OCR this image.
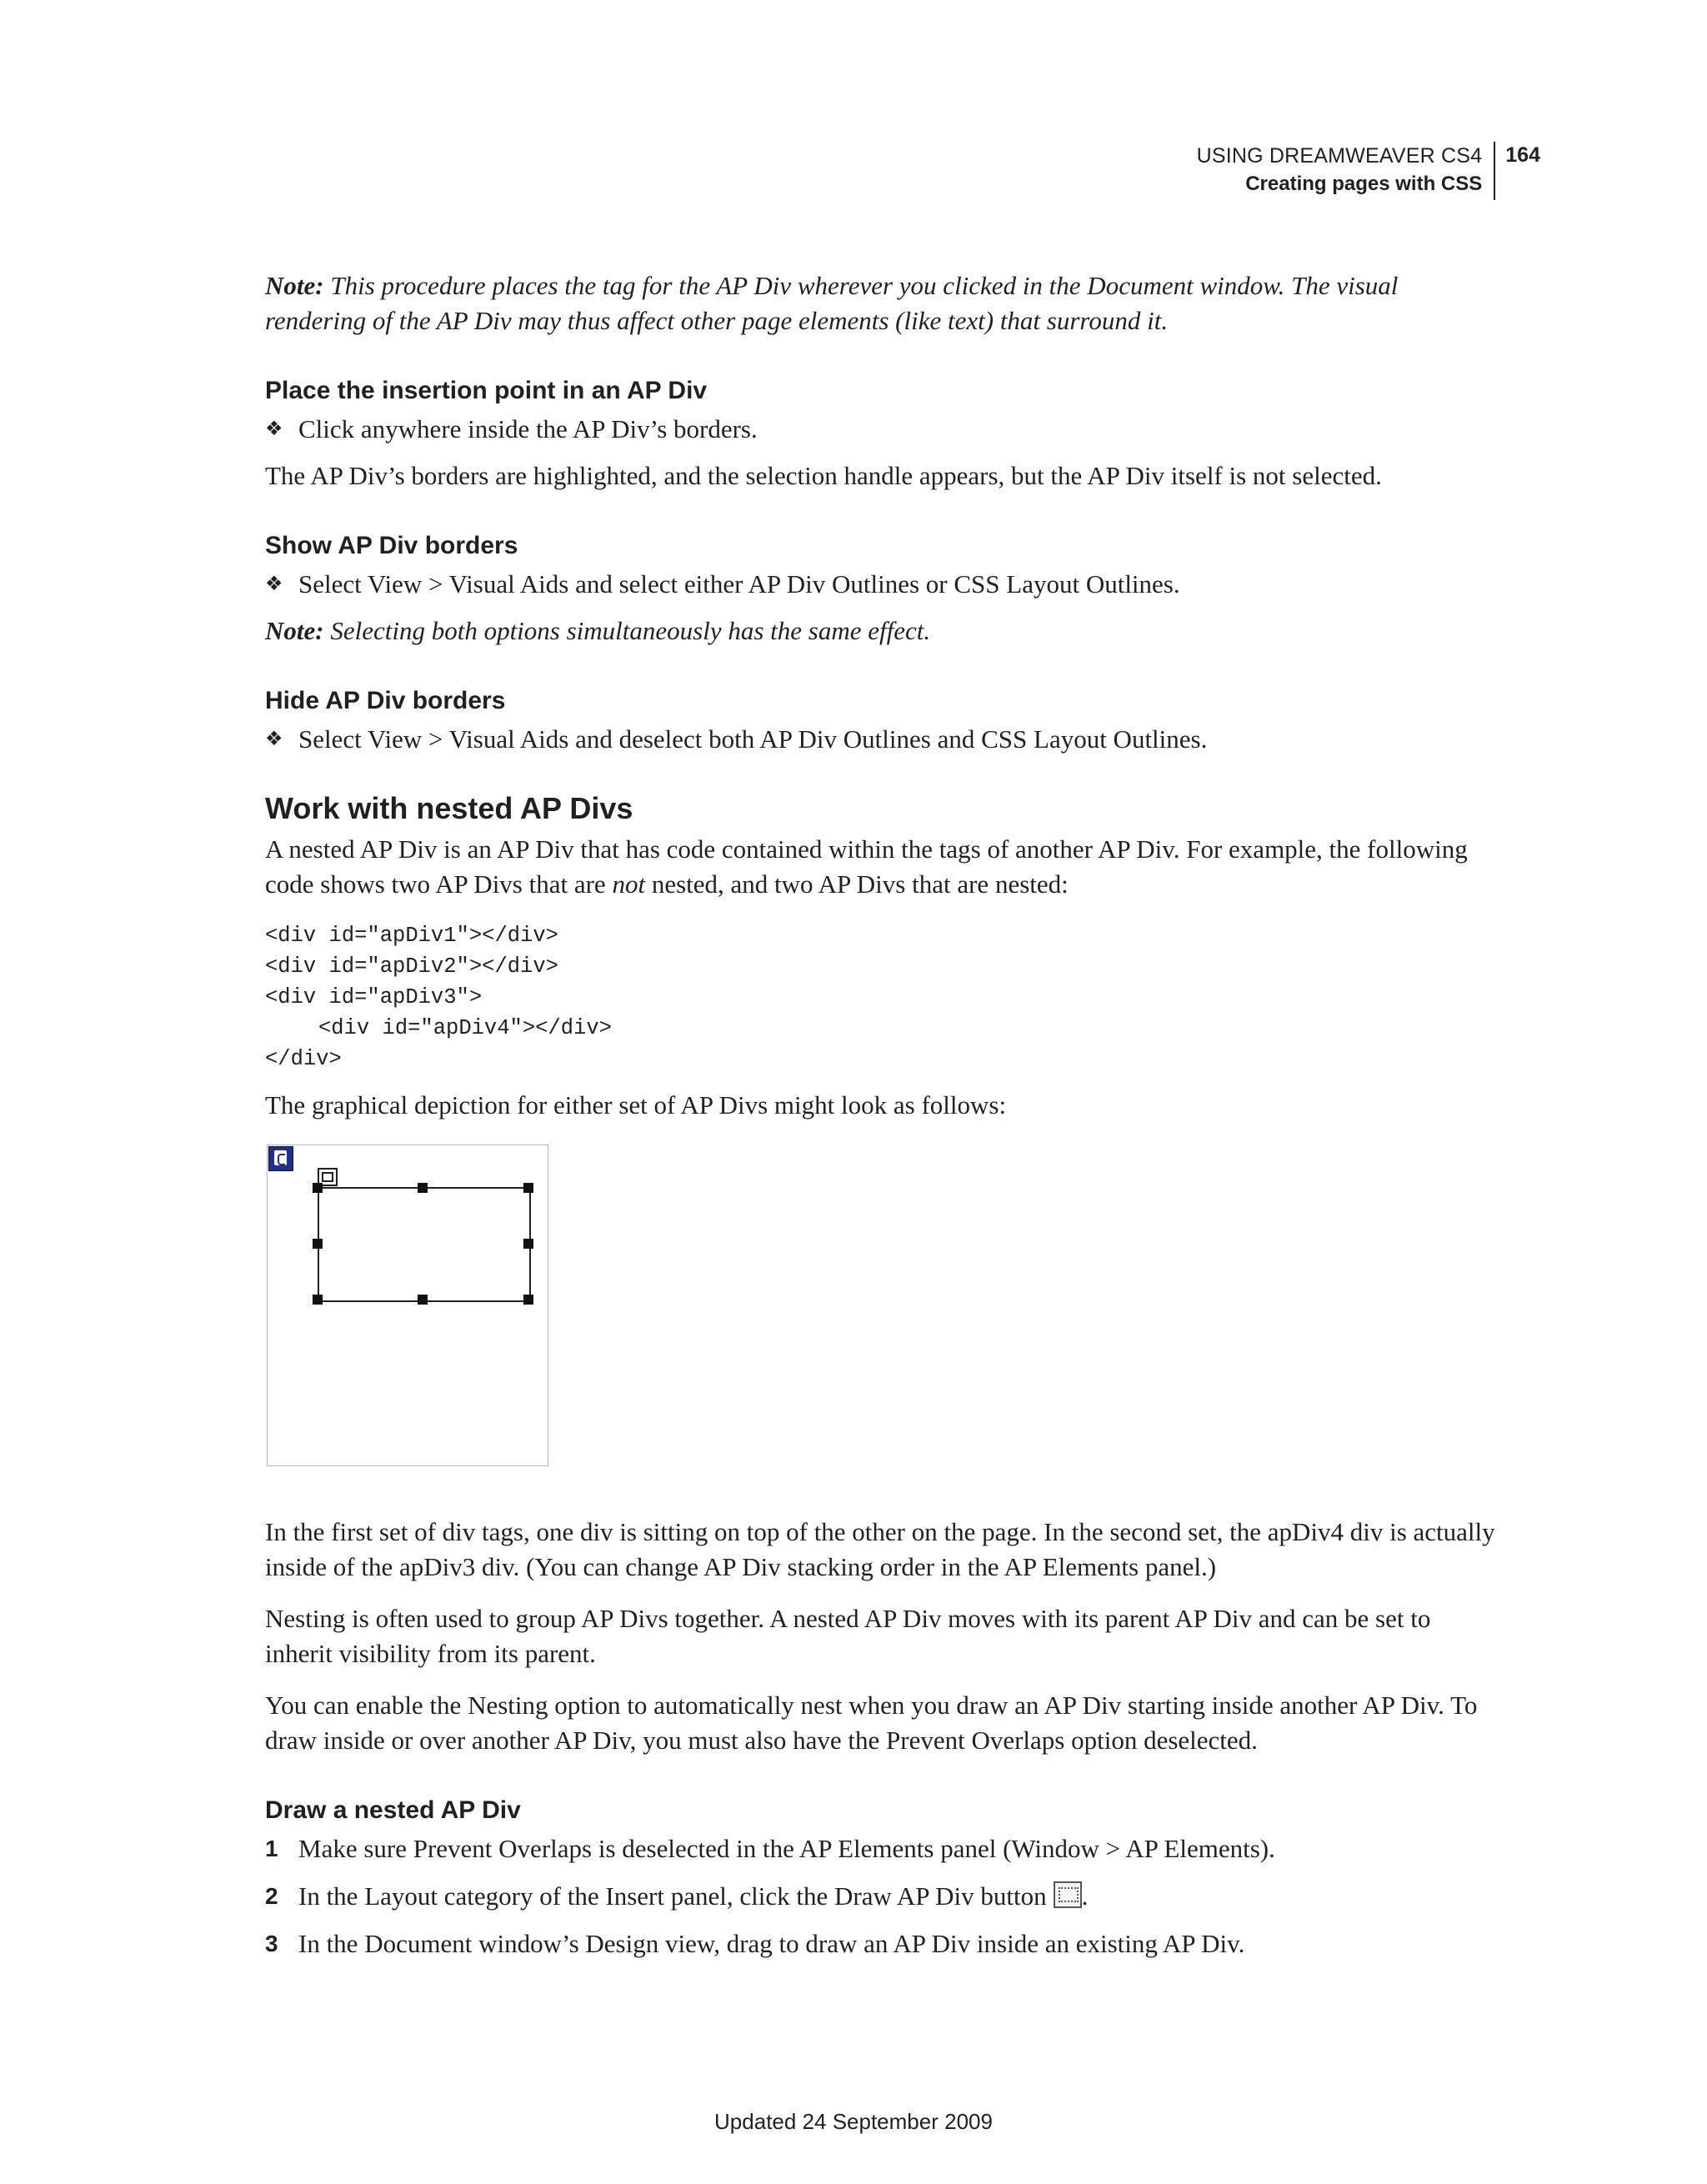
USING DREAMWEAVER CS4
Creating pages with CSS
164

Note: This procedure places the tag for the AP Div wherever you clicked in the Document window. The visual rendering of the AP Div may thus affect other page elements (like text) that surround it.

Place the insertion point in an AP Div
❖ Click anywhere inside the AP Div’s borders.

The AP Div’s borders are highlighted, and the selection handle appears, but the AP Div itself is not selected.

Show AP Div borders
❖ Select View > Visual Aids and select either AP Div Outlines or CSS Layout Outlines.

Note: Selecting both options simultaneously has the same effect.

Hide AP Div borders
❖ Select View > Visual Aids and deselect both AP Div Outlines and CSS Layout Outlines.
Work with nested AP Divs

A nested AP Div is an AP Div that has code contained within the tags of another AP Div. For example, the following code shows two AP Divs that are not nested, and two AP Divs that are nested:

<div id="apDiv1"></div>
<div id="apDiv2"></div>
<div id="apDiv3">
<div id="apDiv4"></div>
</div>

The graphical depiction for either set of AP Divs might look as follows:

In the first set of div tags, one div is sitting on top of the other on the page. In the second set, the apDiv4 div is actually inside of the apDiv3 div. (You can change AP Div stacking order in the AP Elements panel.)

Nesting is often used to group AP Divs together. A nested AP Div moves with its parent AP Div and can be set to inherit visibility from its parent.

You can enable the Nesting option to automatically nest when you draw an AP Div starting inside another AP Div. To draw inside or over another AP Div, you must also have the Prevent Overlaps option deselected.

Draw a nested AP Div
1 Make sure Prevent Overlaps is deselected in the AP Elements panel (Window > AP Elements).
2 In the Layout category of the Insert panel, click the Draw AP Div button .
3 In the Document window’s Design view, drag to draw an AP Div inside an existing AP Div.
Updated 24 September 2009
